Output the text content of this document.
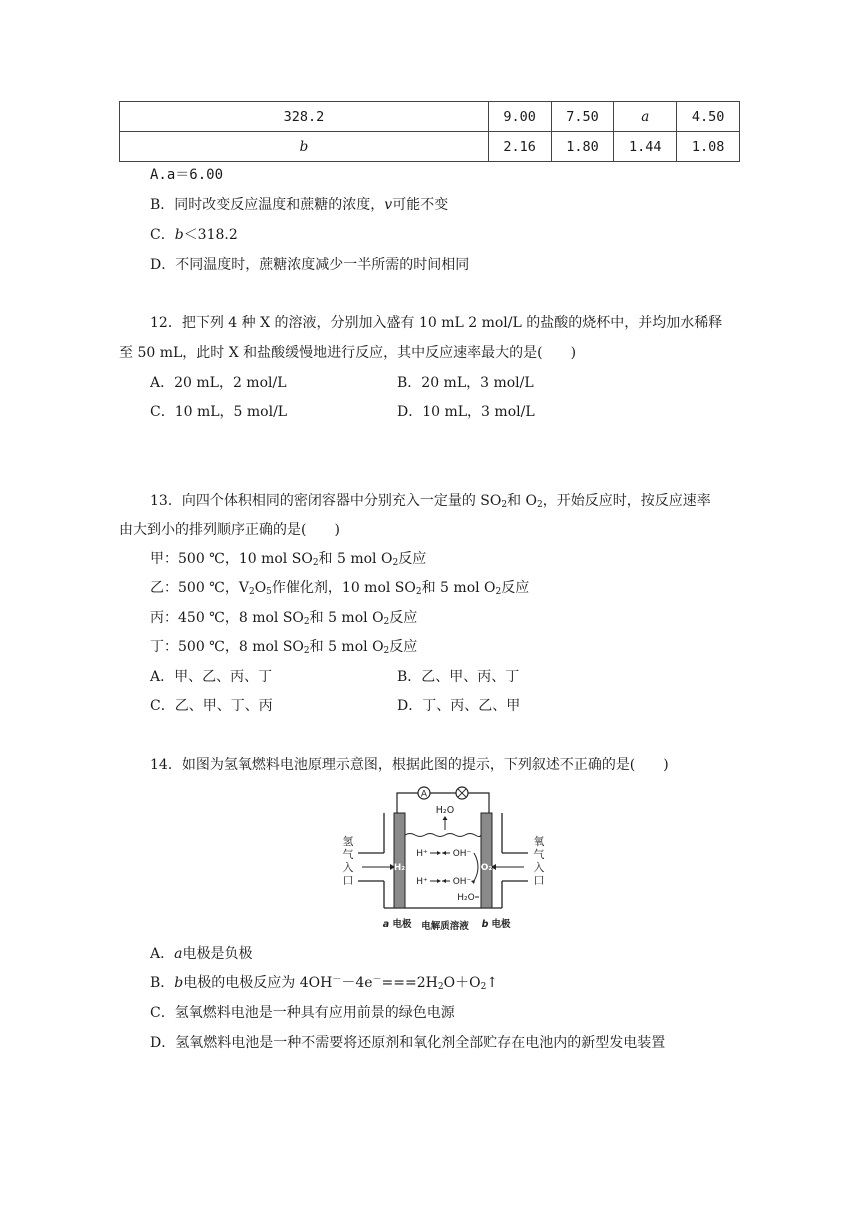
328.2	9.00	7.50	a	4.50
b	2.16	1.80	1.44	1.08
A.a＝6.00
B．同时改变反应温度和蔗糖的浓度，v可能不变
C．b＜318.2
D．不同温度时，蔗糖浓度减少一半所需的时间相同
12．把下列 4 种 X 的溶液，分别加入盛有 10 mL 2 mol/L 的盐酸的烧杯中，并均加水稀释
至 50 mL，此时 X 和盐酸缓慢地进行反应，其中反应速率最大的是(　　)
A．20 mL，2 mol/L	B．20 mL，3 mol/L
C．10 mL，5 mol/L	D．10 mL，3 mol/L
13．向四个体积相同的密闭容器中分别充入一定量的 $SO_2$和 $O_2$，开始反应时，按反应速率
由大到小的排列顺序正确的是(　　)
甲：500 ℃，10 mol $SO_2$和 5 mol $O_2$反应
乙：500 ℃，$V_2O_5$作催化剂，10 mol $SO_2$和 5 mol $O_2$反应
丙：450 ℃，8 mol $SO_2$和 5 mol $O_2$反应
丁：500 ℃，8 mol $SO_2$和 5 mol $O_2$反应
A．甲、乙、丙、丁	B．乙、甲、丙、丁
C．乙、甲、丁、丙	D．丁、丙、乙、甲
14．如图为氢氧燃料电池原理示意图，根据此图的提示，下列叙述不正确的是(　　)
A
H₂O
H₂	O₂
H⁺	OH⁻
H⁺	OH⁻
H₂O
氢
气
入
口
氧
气
入
口
a 电极 电解质溶液 b 电极
A．a电极是负极
B．b电极的电极反应为 $4OH^--4e^-===2H_2O+O_2↑$
C．氢氧燃料电池是一种具有应用前景的绿色电源
D．氢氧燃料电池是一种不需要将还原剂和氧化剂全部贮存在电池内的新型发电装置
